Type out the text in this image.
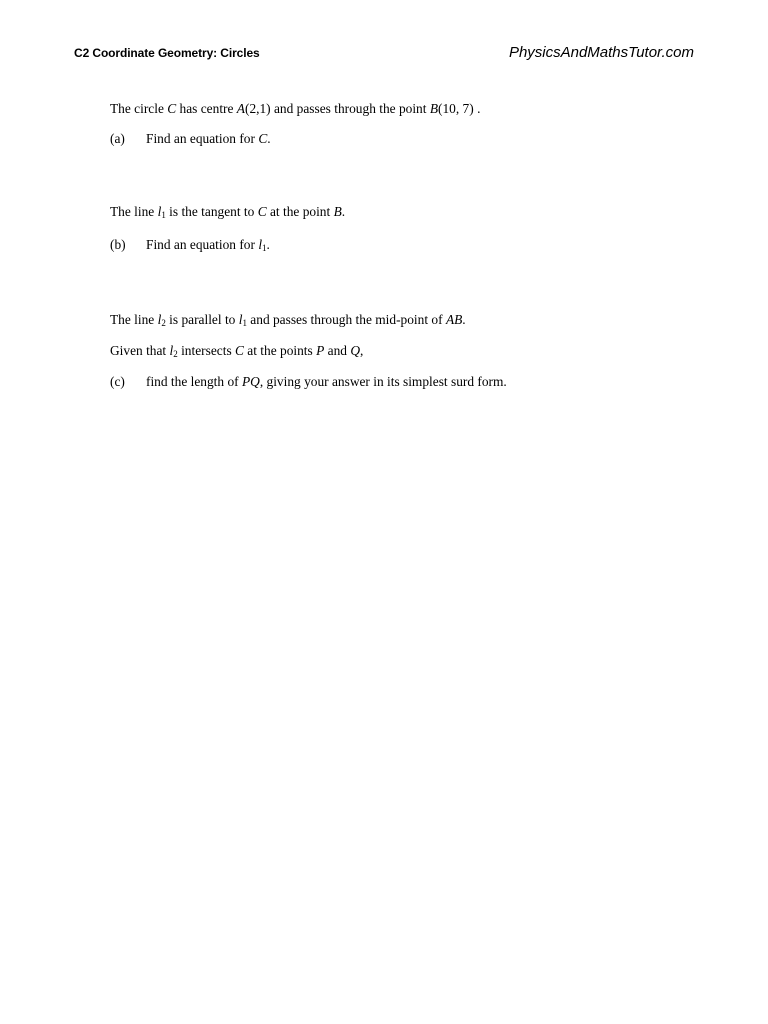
C2 Coordinate Geometry: Circles	PhysicsAndMathsTutor.com
The circle C has centre A(2,1) and passes through the point B(10, 7) .
(a) Find an equation for C.
The line $l_1$ is the tangent to C at the point B.
(b) Find an equation for $l_1$.
The line $l_2$ is parallel to $l_1$ and passes through the mid-point of AB.
Given that $l_2$ intersects C at the points P and Q,
(c) find the length of PQ, giving your answer in its simplest surd form.
